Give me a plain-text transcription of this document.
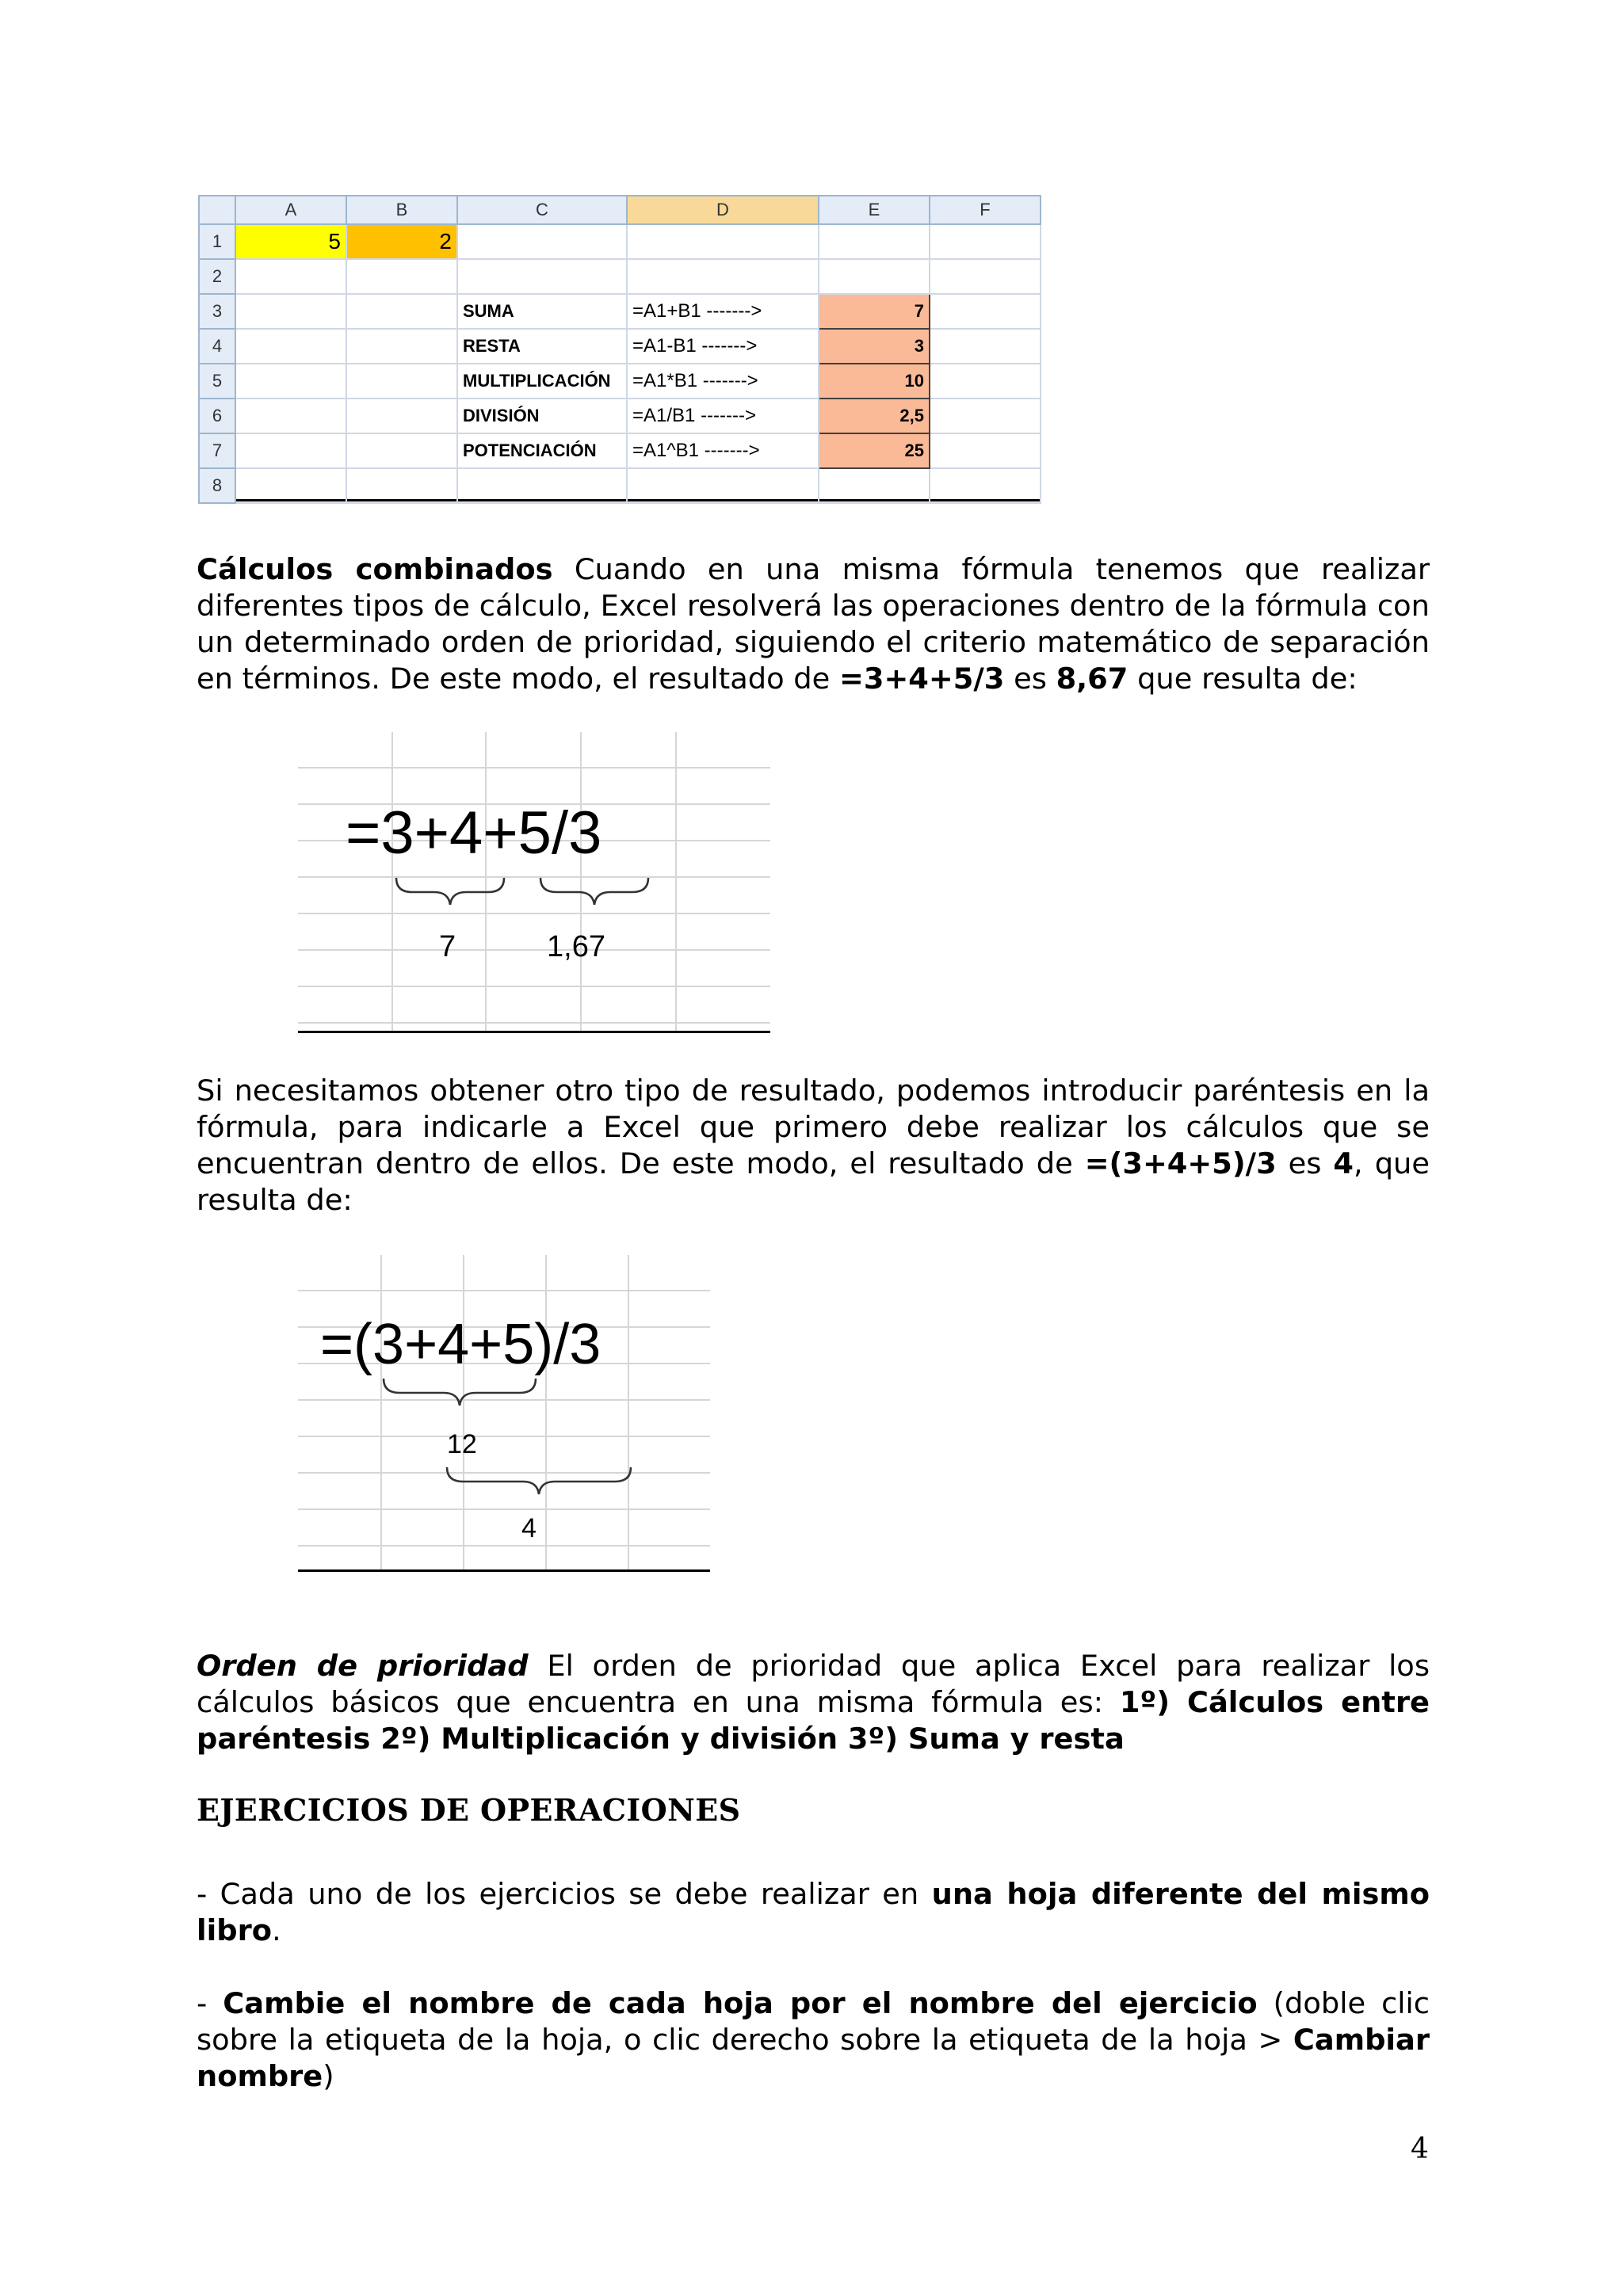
	A	B	C	D	E	F
1	5	2				
2						
3			SUMA	=A1+B1 ------->	7	
4			RESTA	=A1-B1 ------->	3	
5			MULTIPLICACIÓN	=A1*B1 ------->	10	
6			DIVISIÓN	=A1/B1 ------->	2,5	
7			POTENCIACIÓN	=A1^B1 ------->	25	
8						

Cálculos combinados Cuando en una misma fórmula tenemos que realizar diferentes tipos de cálculo, Excel resolverá las operaciones dentro de la fórmula con un determinado orden de prioridad, siguiendo el criterio matemático de separación en términos. De este modo, el resultado de =3+4+5/3 es 8,67 que resulta de:

=3+4+5/3
7	1,67

Si necesitamos obtener otro tipo de resultado, podemos introducir paréntesis en la fórmula, para indicarle a Excel que primero debe realizar los cálculos que se encuentran dentro de ellos. De este modo, el resultado de =(3+4+5)/3 es 4, que resulta de:

=(3+4+5)/3
12
4

Orden de prioridad El orden de prioridad que aplica Excel para realizar los cálculos básicos que encuentra en una misma fórmula es: 1º) Cálculos entre paréntesis 2º) Multiplicación y división 3º) Suma y resta

EJERCICIOS DE OPERACIONES

- Cada uno de los ejercicios se debe realizar en una hoja diferente del mismo libro.

- Cambie el nombre de cada hoja por el nombre del ejercicio (doble clic sobre la etiqueta de la hoja, o clic derecho sobre la etiqueta de la hoja > Cambiar nombre)

4
